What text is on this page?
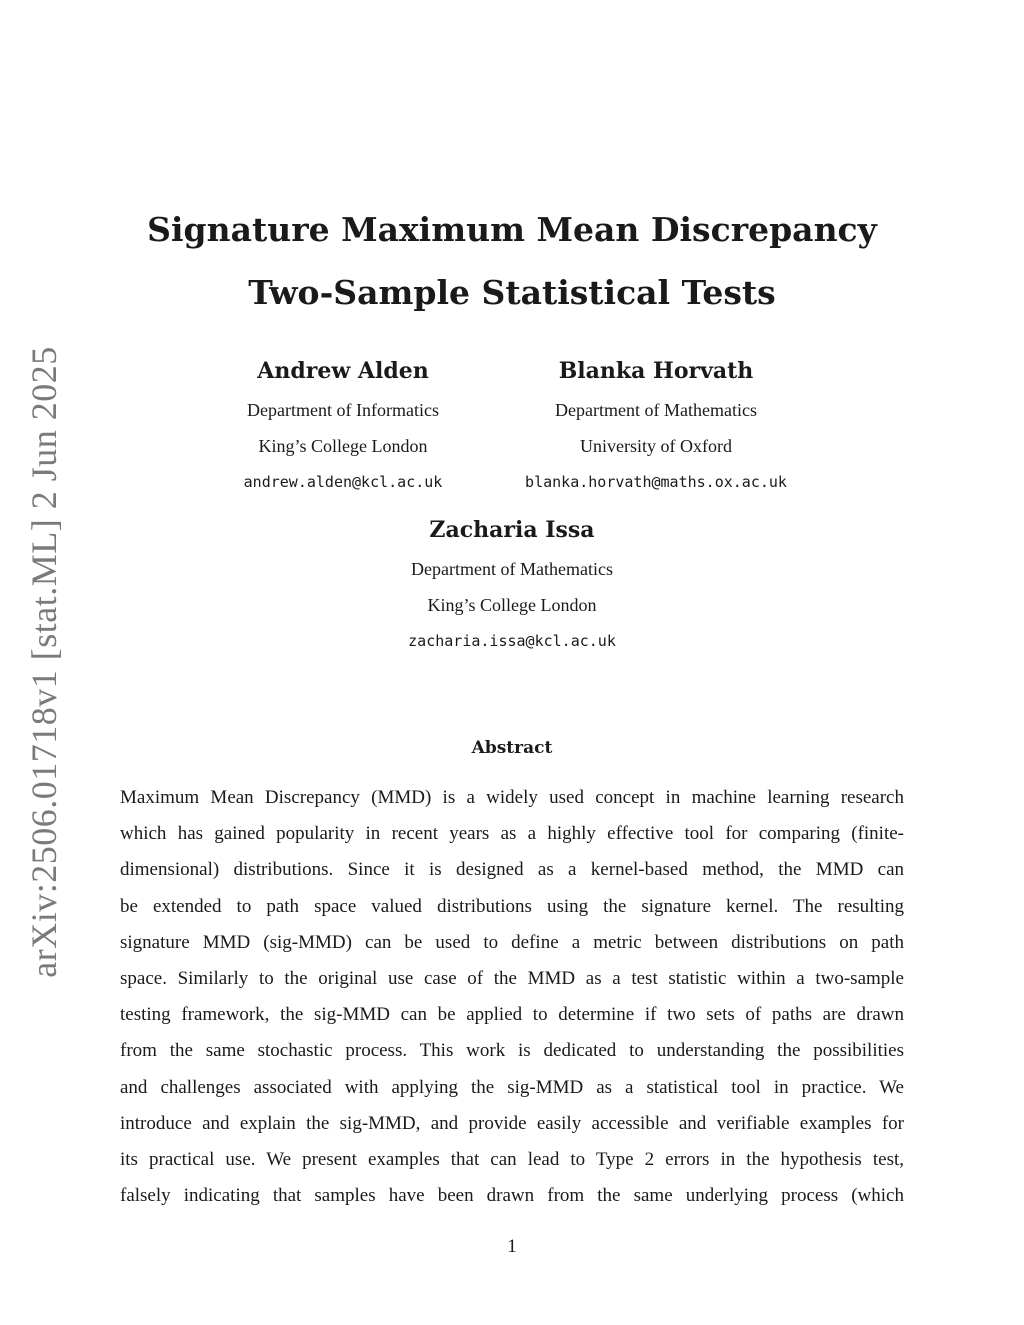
arXiv:2506.01718v1 [stat.ML] 2 Jun 2025
Signature Maximum Mean Discrepancy
Two-Sample Statistical Tests
Andrew Alden
Department of Informatics
King’s College London
andrew.alden@kcl.ac.uk
Blanka Horvath
Department of Mathematics
University of Oxford
blanka.horvath@maths.ox.ac.uk
Zacharia Issa
Department of Mathematics
King’s College London
zacharia.issa@kcl.ac.uk
Abstract
Maximum Mean Discrepancy (MMD) is a widely used concept in machine learning research
which has gained popularity in recent years as a highly effective tool for comparing (finite-
dimensional) distributions. Since it is designed as a kernel-based method, the MMD can
be extended to path space valued distributions using the signature kernel. The resulting
signature MMD (sig-MMD) can be used to define a metric between distributions on path
space. Similarly to the original use case of the MMD as a test statistic within a two-sample
testing framework, the sig-MMD can be applied to determine if two sets of paths are drawn
from the same stochastic process. This work is dedicated to understanding the possibilities
and challenges associated with applying the sig-MMD as a statistical tool in practice. We
introduce and explain the sig-MMD, and provide easily accessible and verifiable examples for
its practical use. We present examples that can lead to Type 2 errors in the hypothesis test,
falsely indicating that samples have been drawn from the same underlying process (which
1
